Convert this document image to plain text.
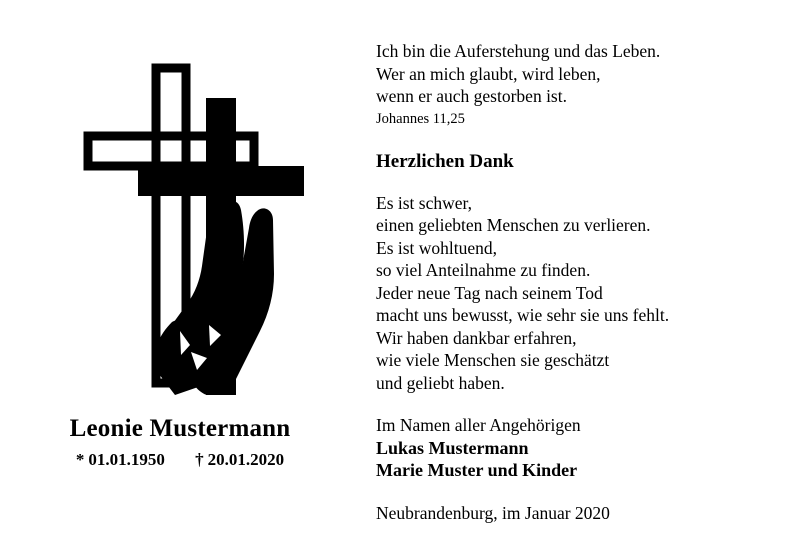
Leonie Mustermann
* 01.01.1950 † 20.01.2020
Ich bin die Auferstehung und das Leben.
Wer an mich glaubt, wird leben,
wenn er auch gestorben ist.
Johannes 11,25
Herzlichen Dank
Es ist schwer,
einen geliebten Menschen zu verlieren.
Es ist wohltuend,
so viel Anteilnahme zu finden.
Jeder neue Tag nach seinem Tod
macht uns bewusst, wie sehr sie uns fehlt.
Wir haben dankbar erfahren,
wie viele Menschen sie geschätzt
und geliebt haben.
Im Namen aller Angehörigen
Lukas Mustermann
Marie Muster und Kinder
Neubrandenburg, im Januar 2020
